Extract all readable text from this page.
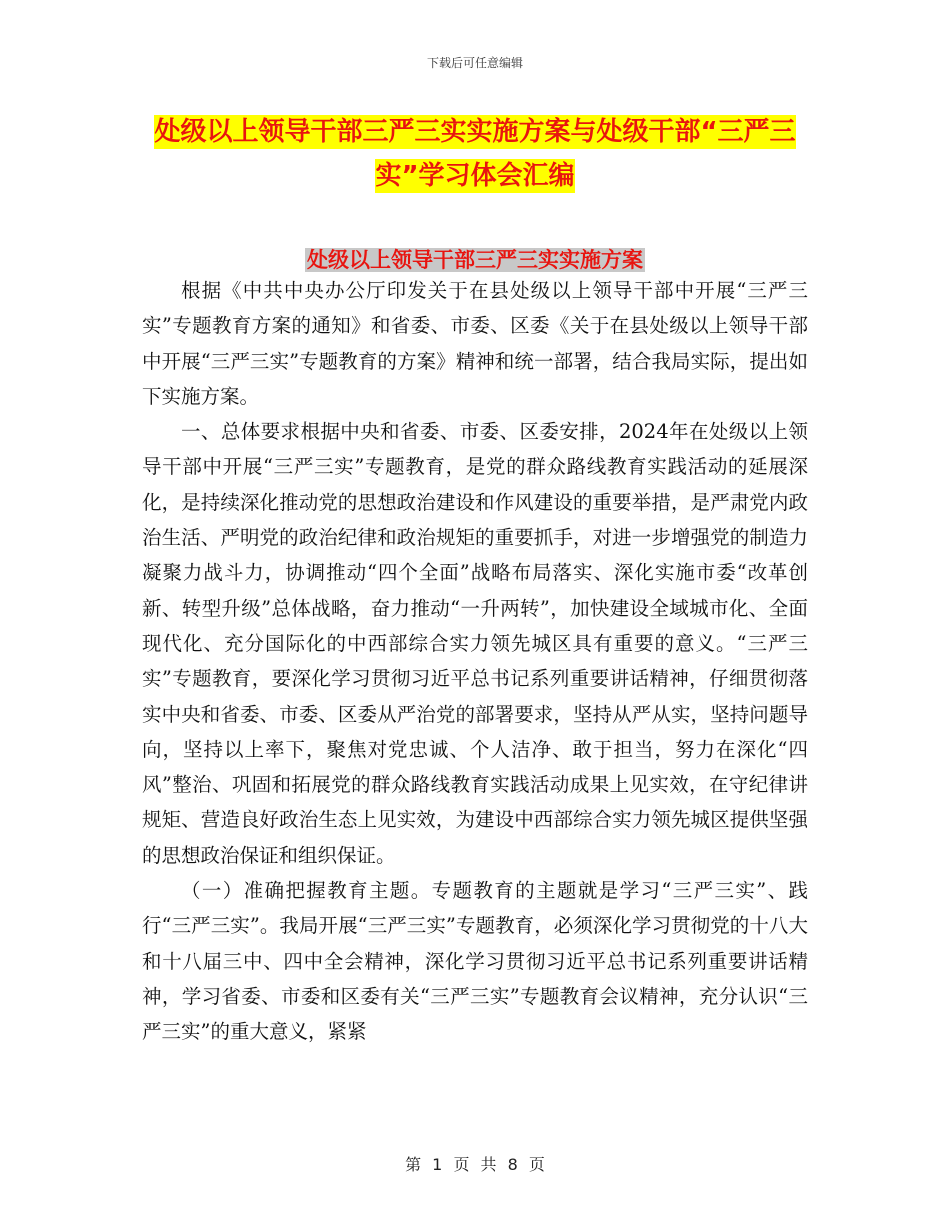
下载后可任意编辑
处级以上领导干部三严三实实施方案与处级干部“三严三实”学习体会汇编
处级以上领导干部三严三实实施方案

根据《中共中央办公厅印发关于在县处级以上领导干部中开展“三严三实”专题教育方案的通知》和省委、市委、区委《关于在县处级以上领导干部中开展“三严三实”专题教育的方案》精神和统一部署，结合我局实际，提出如下实施方案。

一、总体要求根据中央和省委、市委、区委安排，2024年在处级以上领导干部中开展“三严三实”专题教育，是党的群众路线教育实践活动的延展深化，是持续深化推动党的思想政治建设和作风建设的重要举措，是严肃党内政治生活、严明党的政治纪律和政治规矩的重要抓手，对进一步增强党的制造力凝聚力战斗力，协调推动“四个全面”战略布局落实、深化实施市委“改革创新、转型升级”总体战略，奋力推动“一升两转”，加快建设全域城市化、全面现代化、充分国际化的中西部综合实力领先城区具有重要的意义。“三严三实”专题教育，要深化学习贯彻习近平总书记系列重要讲话精神，仔细贯彻落实中央和省委、市委、区委从严治党的部署要求，坚持从严从实，坚持问题导向，坚持以上率下，聚焦对党忠诚、个人洁净、敢于担当，努力在深化“四风”整治、巩固和拓展党的群众路线教育实践活动成果上见实效，在守纪律讲规矩、营造良好政治生态上见实效，为建设中西部综合实力领先城区提供坚强的思想政治保证和组织保证。

（一）准确把握教育主题。专题教育的主题就是学习“三严三实”、践行“三严三实”。我局开展“三严三实”专题教育，必须深化学习贯彻党的十八大和十八届三中、四中全会精神，深化学习贯彻习近平总书记系列重要讲话精神，学习省委、市委和区委有关“三严三实”专题教育会议精神，充分认识“三严三实”的重大意义，紧紧

第 1 页 共 8 页
